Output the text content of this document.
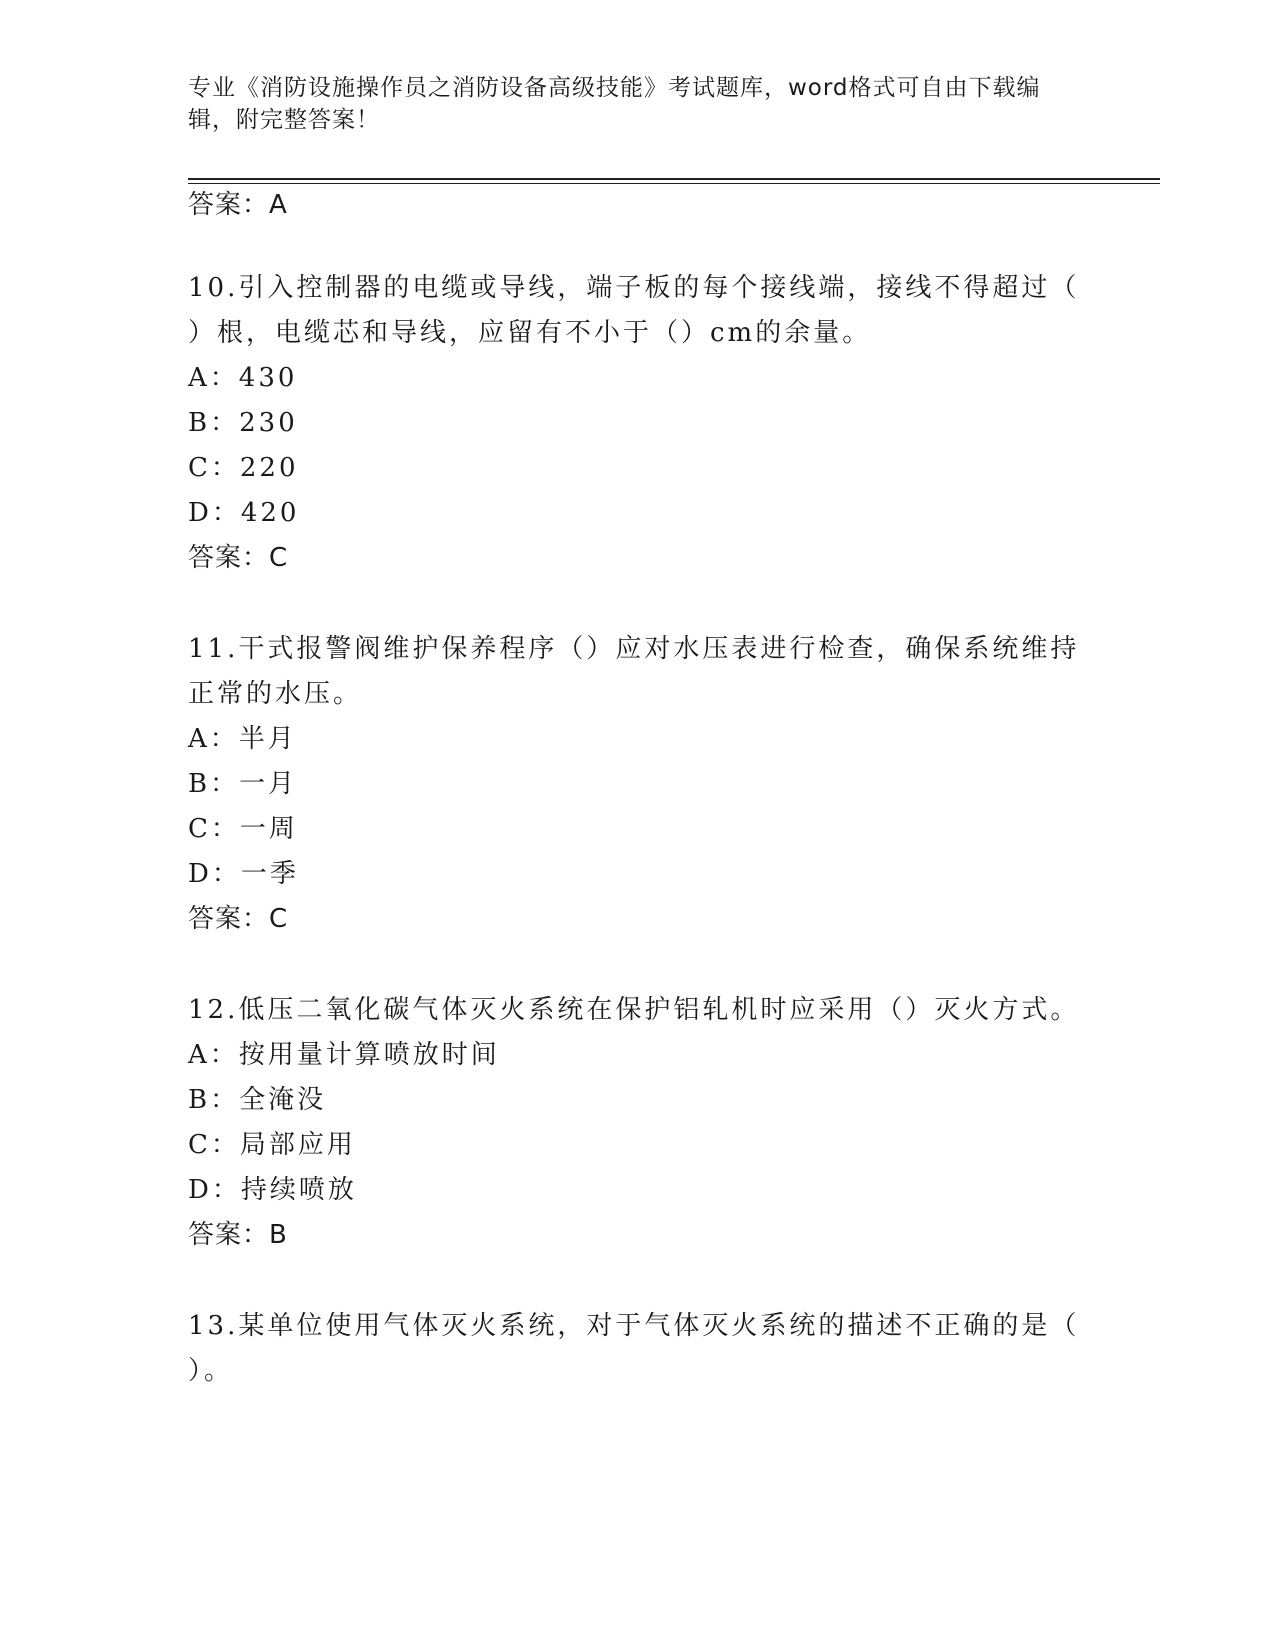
专业《消防设施操作员之消防设备高级技能》考试题库，word格式可自由下载编
辑，附完整答案！
答案：A
10.引入控制器的电缆或导线，端子板的每个接线端，接线不得超过（
）根，电缆芯和导线，应留有不小于（）cm的余量。
A：430
B：230
C：220
D：420
答案：C
11.干式报警阀维护保养程序（）应对水压表进行检查，确保系统维持
正常的水压。
A：半月
B：一月
C：一周
D：一季
答案：C
12.低压二氧化碳气体灭火系统在保护铝轧机时应采用（）灭火方式。
A：按用量计算喷放时间
B：全淹没
C：局部应用
D：持续喷放
答案：B
13.某单位使用气体灭火系统，对于气体灭火系统的描述不正确的是（
）。
